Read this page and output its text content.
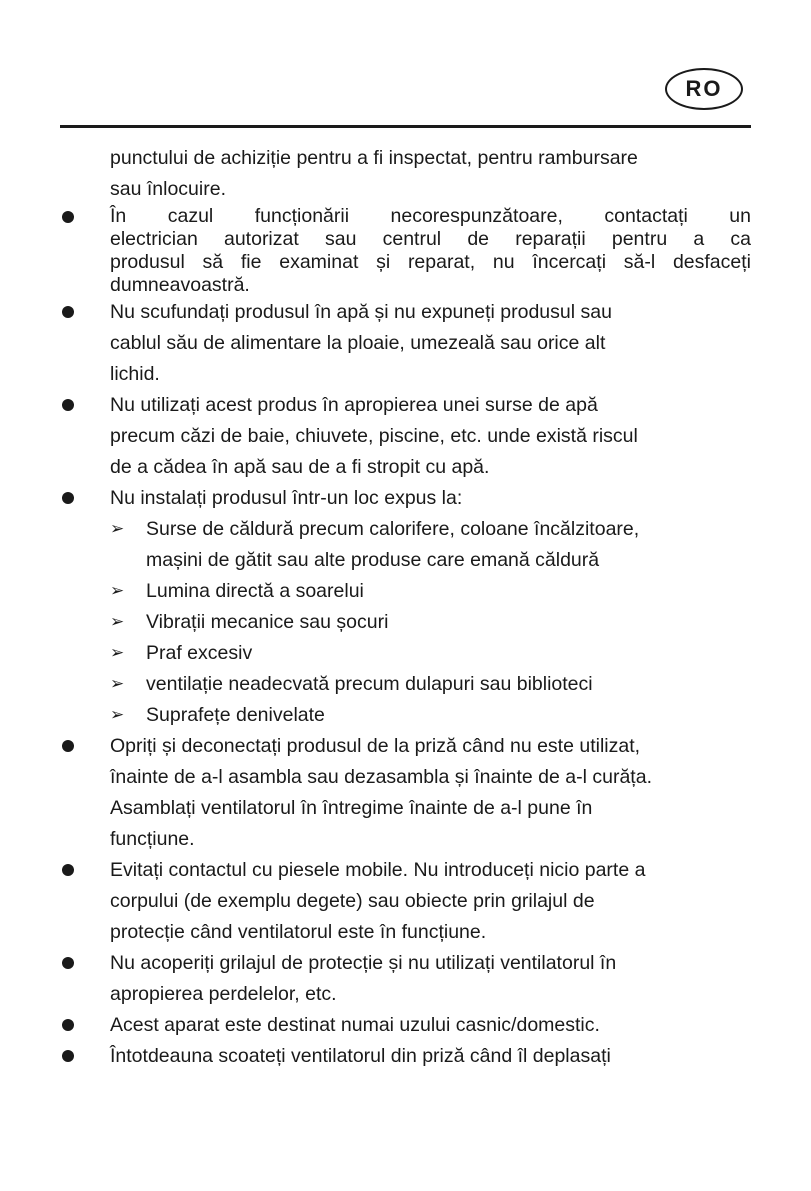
RO
punctului de achiziție pentru a fi inspectat, pentru rambursare
sau înlocuire.
În cazul funcționării necorespunzătoare, contactați un
electrician autorizat sau centrul de reparații pentru a ca
produsul să fie examinat și reparat, nu încercați să-l desfaceți
dumneavoastră.
Nu scufundați produsul în apă și nu expuneți produsul sau
cablul său de alimentare la ploaie, umezeală sau orice alt
lichid.
Nu utilizați acest produs în apropierea unei surse de apă
precum căzi de baie, chiuvete, piscine, etc. unde există riscul
de a cădea în apă sau de a fi stropit cu apă.
Nu instalați produsul într-un loc expus la:
➢ Surse de căldură precum calorifere, coloane încălzitoare,
mașini de gătit sau alte produse care emană căldură
➢ Lumina directă a soarelui
➢ Vibrații mecanice sau șocuri
➢ Praf excesiv
➢ ventilație neadecvată precum dulapuri sau biblioteci
➢ Suprafețe denivelate
Opriți și deconectați produsul de la priză când nu este utilizat,
înainte de a-l asambla sau dezasambla și înainte de a-l curăța.
Asamblați ventilatorul în întregime înainte de a-l pune în
funcțiune.
Evitați contactul cu piesele mobile. Nu introduceți nicio parte a
corpului (de exemplu degete) sau obiecte prin grilajul de
protecție când ventilatorul este în funcțiune.
Nu acoperiți grilajul de protecție și nu utilizați ventilatorul în
apropierea perdelelor, etc.
Acest aparat este destinat numai uzului casnic/domestic.
Întotdeauna scoateți ventilatorul din priză când îl deplasați
